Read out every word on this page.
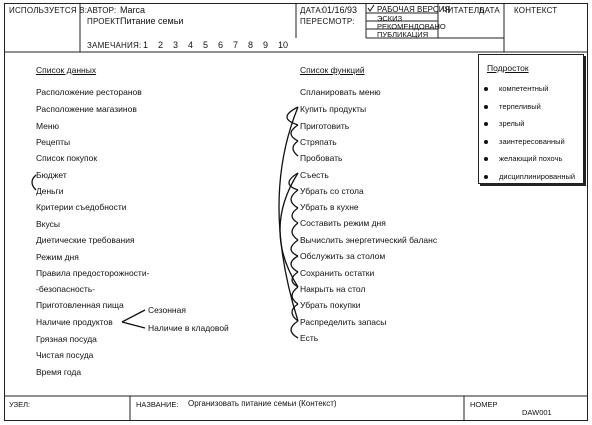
ИСПОЛЬЗУЕТСЯ В: АВТОР: Marca
ПРОЕКТ:
Питание семьи
ДАТА:
01/16/93
ПЕРЕСМОТР:
ЗАМЕЧАНИЯ: 1 2 3 4 5 6 7 8 9 10
РАБОЧАЯ ВЕРСИЯ
ЭСКИЗ
РЕКОМЕНДОВАНО
ПУБЛИКАЦИЯ
ЧИТАТЕЛЬ
ДАТА КОНТЕКСТ
Список данных
Расположение ресторанов
Расположение магазинов
Меню
Рецепты
Список покупок
Бюджет
Деньги
Критерии съедобности
Вкусы
Диетические требования
Режим дня
Правила предосторожности-
-безопасность-
Приготовленная пища
Наличие продуктов
Грязная посуда
Чистая посуда
Время года
Сезонная
Наличие в кладовой
Список функций
Спланировать меню
Купить продукты
Приготовить
Стряпать
Пробовать
Съесть
Убрать со стола
Убрать в кухне
Составить режим дня
Вычислить энергетический баланс
Обслужить за столом
Сохранить остатки
Накрыть на стол
Убрать покупки
Распределить запасы
Есть
Подросток
компетентный
терпеливый
зрелый
заинтересованный
желающий похочь
дисциплинированный
УЗЕЛ:	НАЗВАНИЕ: Организовать питание семьи (Контекст)	НОМЕР
DAW001
